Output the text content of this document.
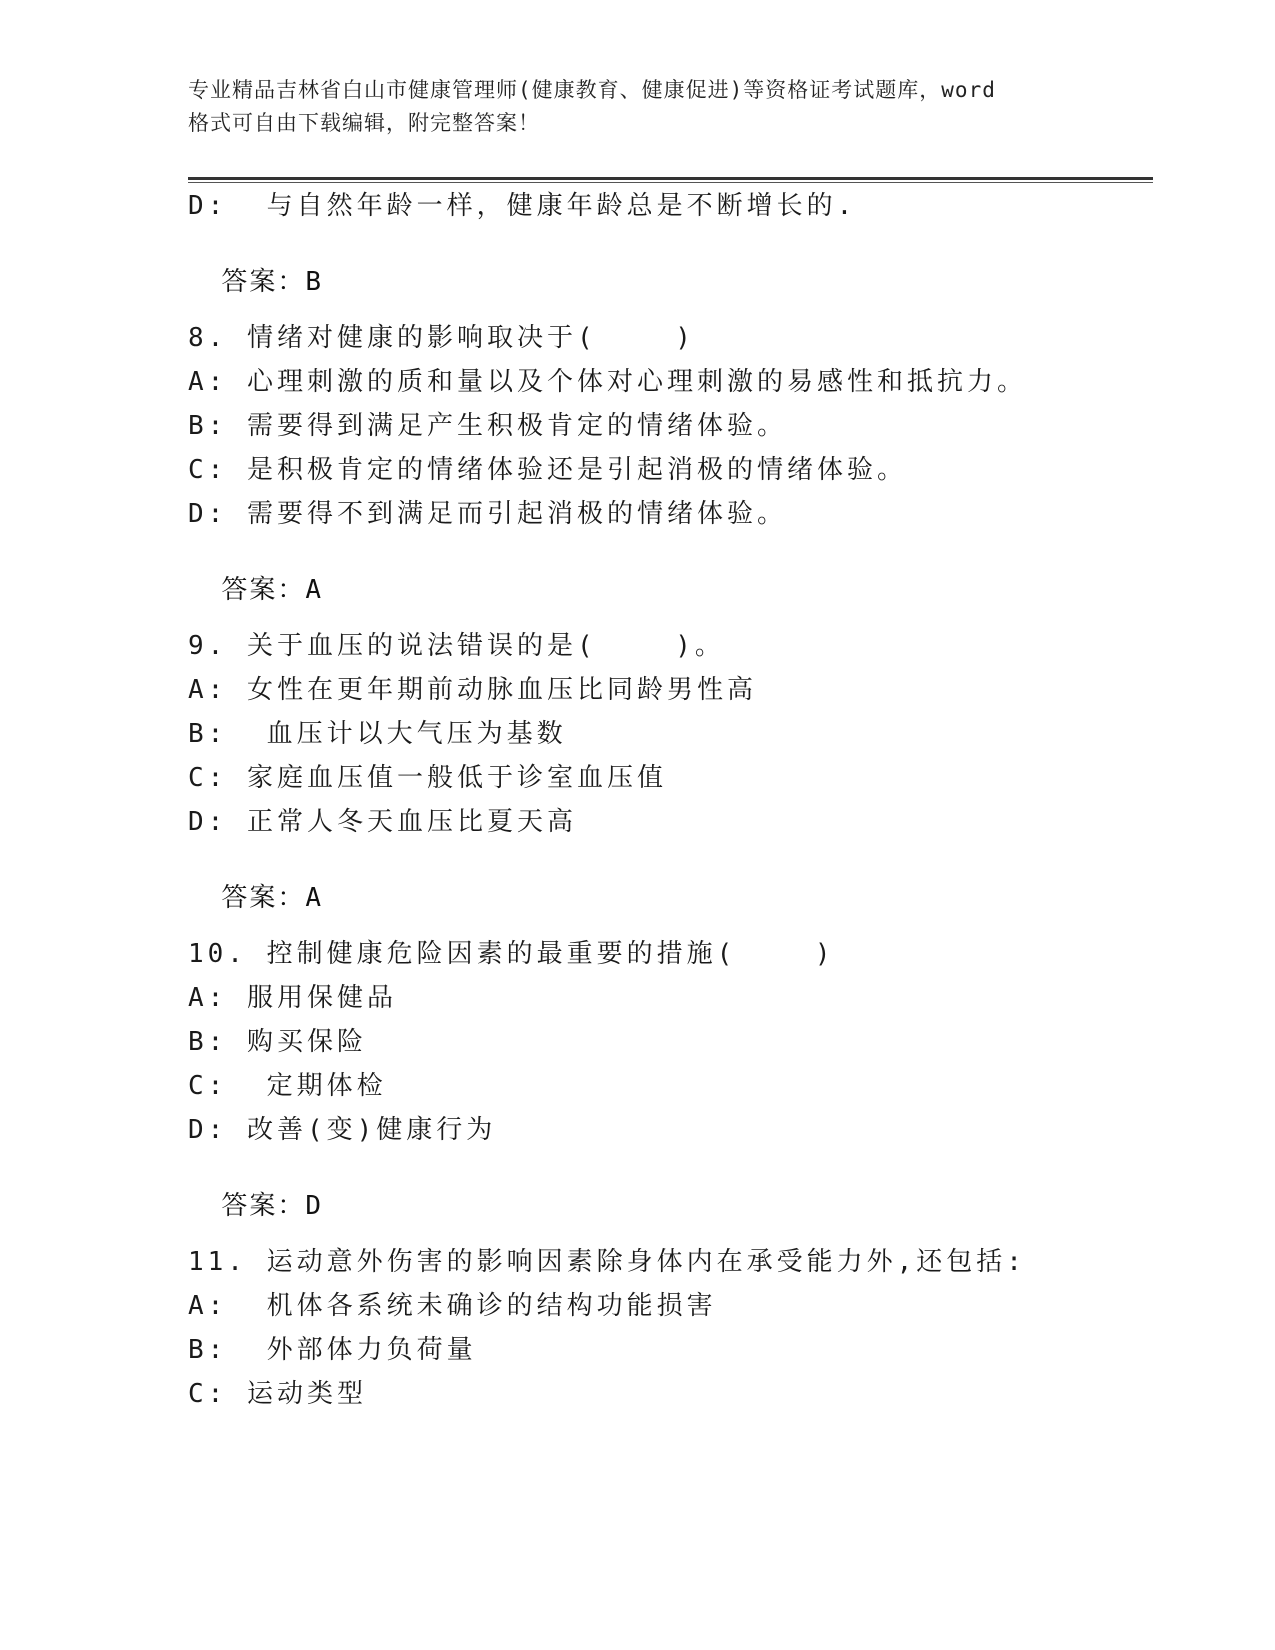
专业精品吉林省白山市健康管理师(健康教育、健康促进)等资格证考试题库，word
格式可自由下载编辑，附完整答案！
D:  与自然年龄一样，健康年龄总是不断增长的.

答案：B

8. 情绪对健康的影响取决于(    )
A: 心理刺激的质和量以及个体对心理刺激的易感性和抵抗力。
B: 需要得到满足产生积极肯定的情绪体验。
C: 是积极肯定的情绪体验还是引起消极的情绪体验。
D: 需要得不到满足而引起消极的情绪体验。

答案：A

9. 关于血压的说法错误的是(    )。
A: 女性在更年期前动脉血压比同龄男性高
B:  血压计以大气压为基数
C: 家庭血压值一般低于诊室血压值
D: 正常人冬天血压比夏天高

答案：A

10. 控制健康危险因素的最重要的措施(    )
A: 服用保健品
B: 购买保险
C:  定期体检
D: 改善(变)健康行为

答案：D

11. 运动意外伤害的影响因素除身体内在承受能力外,还包括:
A:  机体各系统未确诊的结构功能损害
B:  外部体力负荷量
C: 运动类型
